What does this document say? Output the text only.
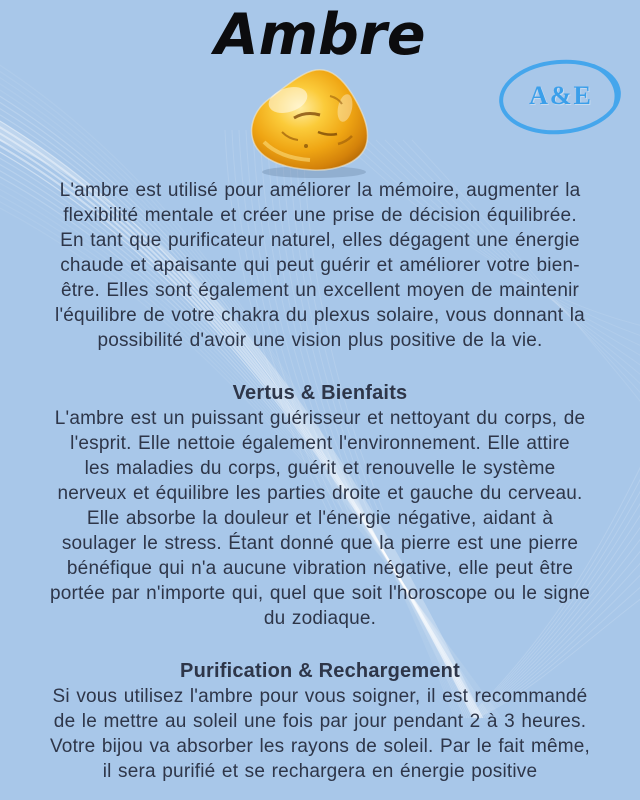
Ambre
A&E
L'ambre est utilisé pour améliorer la mémoire, augmenter la
flexibilité mentale et créer une prise de décision équilibrée.
En tant que purificateur naturel, elles dégagent une énergie
chaude et apaisante qui peut guérir et améliorer votre bien-
être. Elles sont également un excellent moyen de maintenir
l'équilibre de votre chakra du plexus solaire, vous donnant la
possibilité d'avoir une vision plus positive de la vie.
Vertus & Bienfaits
L'ambre est un puissant guérisseur et nettoyant du corps, de
l'esprit. Elle nettoie également l'environnement. Elle attire
les maladies du corps, guérit et renouvelle le système
nerveux et équilibre les parties droite et gauche du cerveau.
Elle absorbe la douleur et l'énergie négative, aidant à
soulager le stress. Étant donné que la pierre est une pierre
bénéfique qui n'a aucune vibration négative, elle peut être
portée par n'importe qui, quel que soit l'horoscope ou le signe
du zodiaque.
Purification & Rechargement
Si vous utilisez l'ambre pour vous soigner, il est recommandé
de le mettre au soleil une fois par jour pendant 2 à 3 heures.
Votre bijou va absorber les rayons de soleil. Par le fait même,
il sera purifié et se rechargera en énergie positive
